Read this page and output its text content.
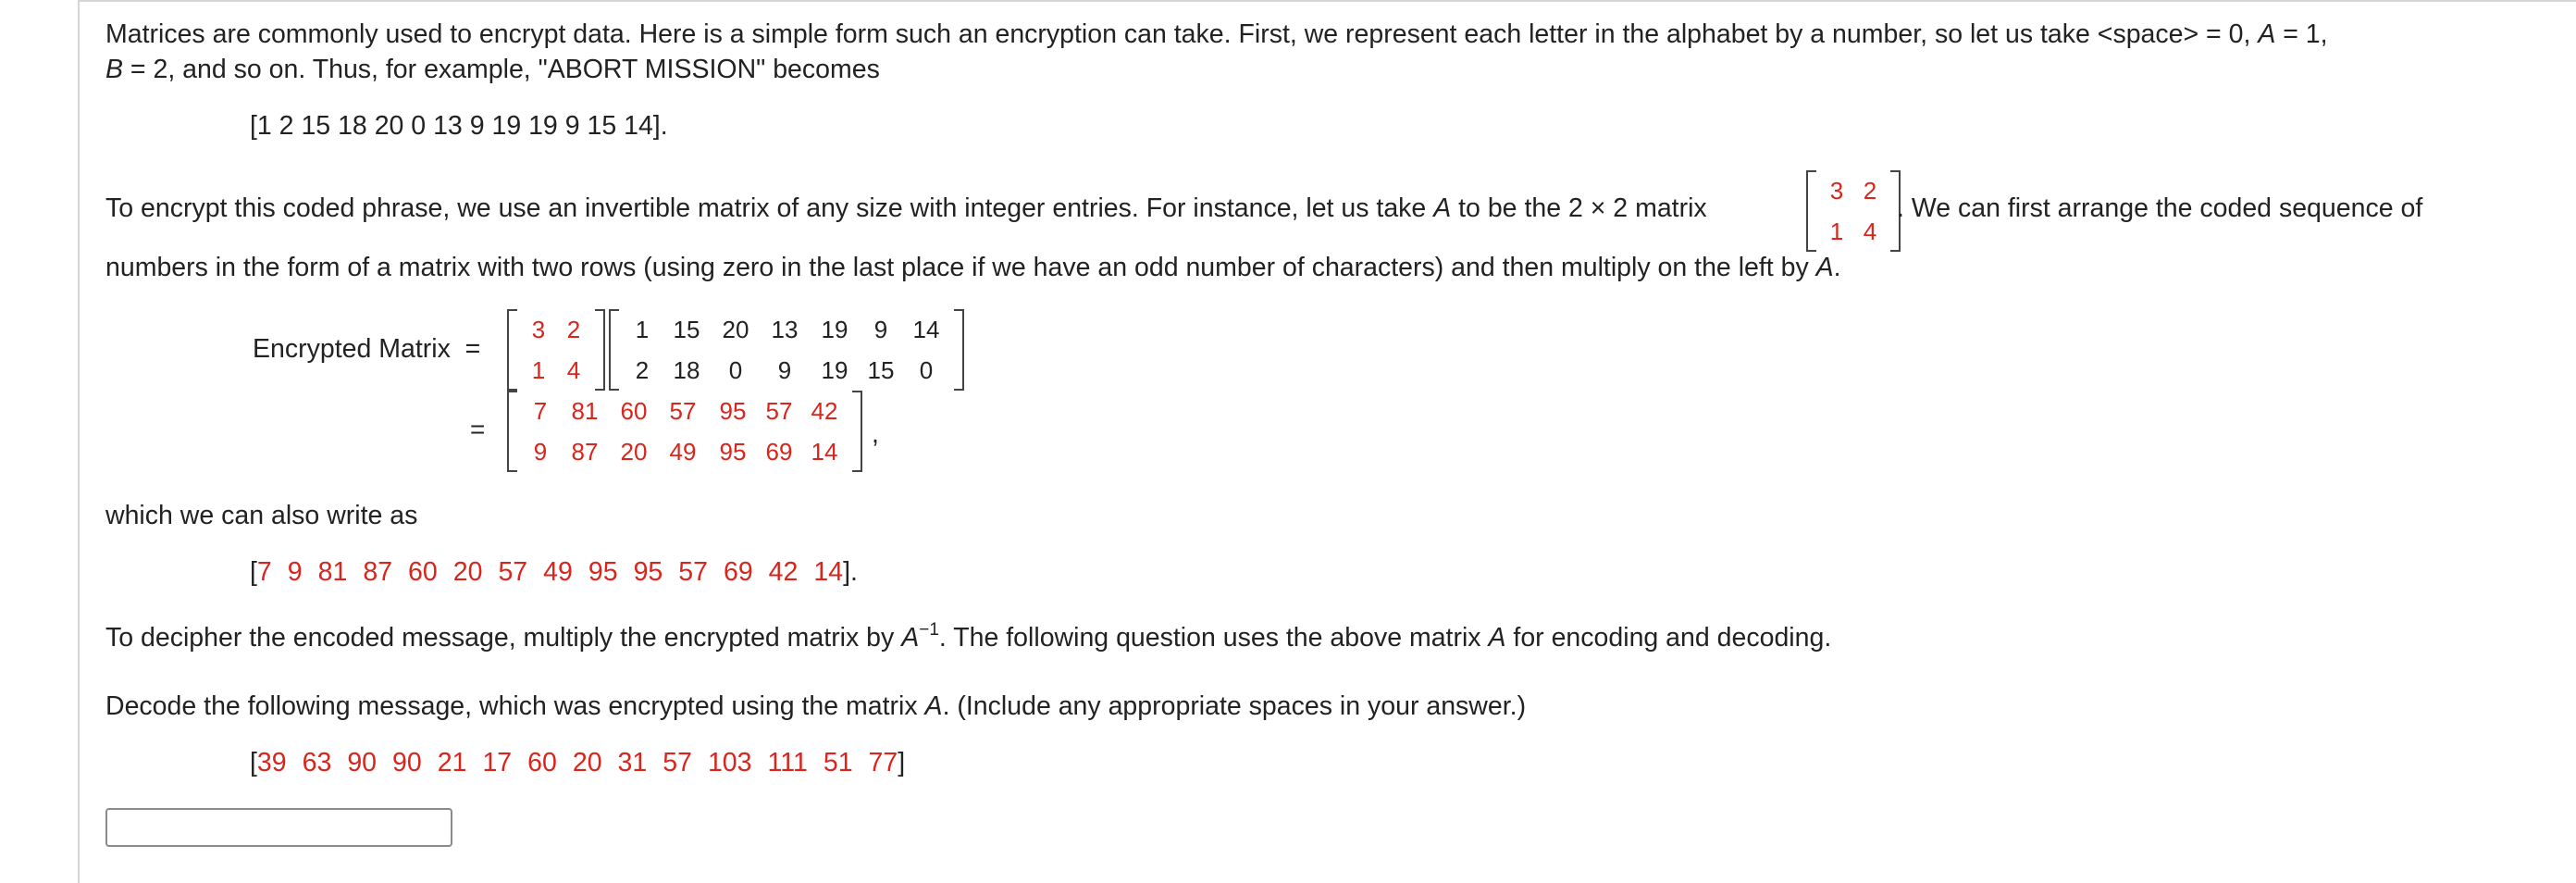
Matrices are commonly used to encrypt data. Here is a simple form such an encryption can take. First, we represent each letter in the alphabet by a number, so let us take <space> = 0, A = 1,
B = 2, and so on. Thus, for example, "ABORT MISSION" becomes
[1 2 15 18 20 0 13 9 19 19 9 15 14].
To encrypt this coded phrase, we use an invertible matrix of any size with integer entries. For instance, let us take A to be the 2 × 2 matrix
3 2
1 4
. We can first arrange the coded sequence of
numbers in the form of a matrix with two rows (using zero in the last place if we have an odd number of characters) and then multiply on the left by A.
Encrypted Matrix =
3 2
1 4
1	15 20 13 19	9	14
2	18	0	9	19 15	0
=
7	81 60 57 95 57 42
9	87 20 49 95 69 14
,
which we can also write as
[7 9 81 87 60 20 57 49 95 95 57 69 42 14].
To decipher the encoded message, multiply the encrypted matrix by $A^{-1}$. The following question uses the above matrix A for encoding and decoding.
Decode the following message, which was encrypted using the matrix A. (Include any appropriate spaces in your answer.)
[39 63 90 90 21 17 60 20 31 57 103 111 51 77]
